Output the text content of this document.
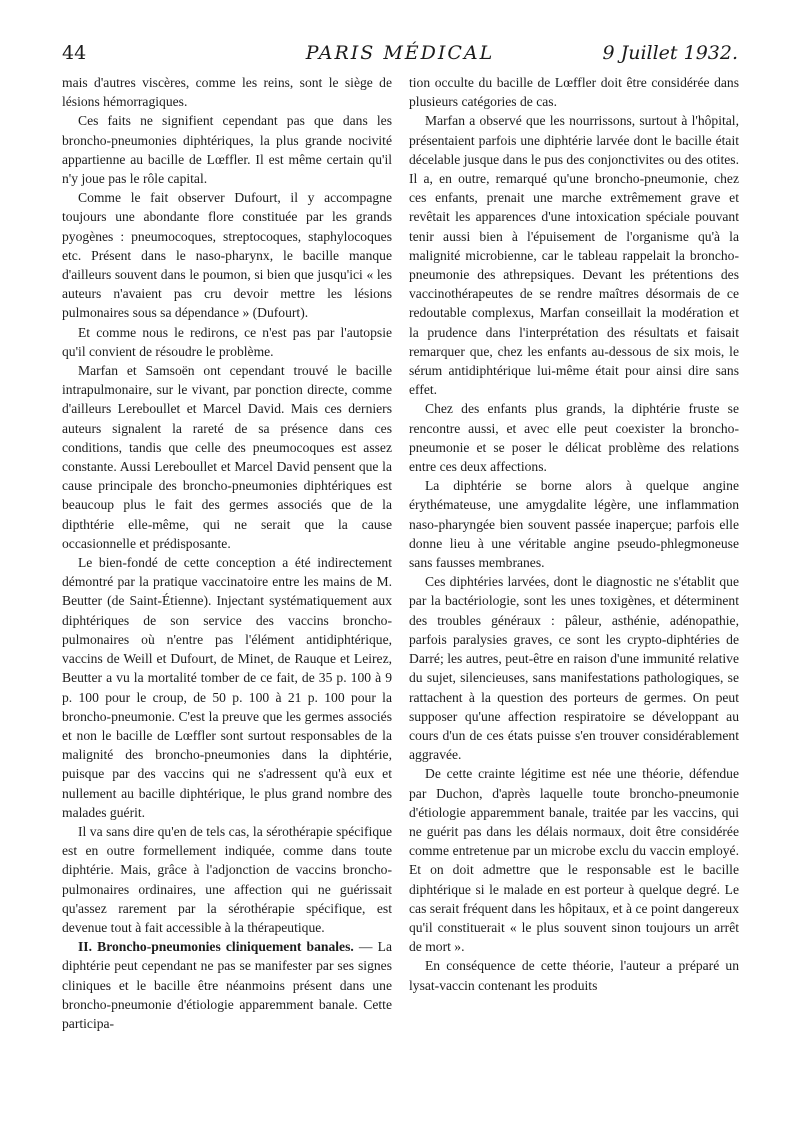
44	PARIS MÉDICAL	9 Juillet 1932.

mais d'autres viscères, comme les reins, sont le siège de lésions hémorragiques.

Ces faits ne signifient cependant pas que dans les broncho-pneumonies diphtériques, la plus grande nocivité appartienne au bacille de Lœffler. Il est même certain qu'il n'y joue pas le rôle capital.

Comme le fait observer Dufourt, il y accompagne toujours une abondante flore constituée par les grands pyogènes : pneumocoques, streptocoques, staphylocoques etc. Présent dans le naso-pharynx, le bacille manque d'ailleurs souvent dans le poumon, si bien que jusqu'ici « les auteurs n'avaient pas cru devoir mettre les lésions pulmonaires sous sa dépendance » (Dufourt).

Et comme nous le redirons, ce n'est pas par l'autopsie qu'il convient de résoudre le problème.

Marfan et Samsoën ont cependant trouvé le bacille intrapulmonaire, sur le vivant, par ponction directe, comme d'ailleurs Lereboullet et Marcel David. Mais ces derniers auteurs signalent la rareté de sa présence dans ces conditions, tandis que celle des pneumocoques est assez constante. Aussi Lereboullet et Marcel David pensent que la cause principale des broncho-pneumonies diphtériques est beaucoup plus le fait des germes associés que de la dipthtérie elle-même, qui ne serait que la cause occasionnelle et prédisposante.

Le bien-fondé de cette conception a été indirectement démontré par la pratique vaccinatoire entre les mains de M. Beutter (de Saint-Étienne). Injectant systématiquement aux diphtériques de son service des vaccins broncho-pulmonaires où n'entre pas l'élément antidiphtérique, vaccins de Weill et Dufourt, de Minet, de Rauque et Leirez, Beutter a vu la mortalité tomber de ce fait, de 35 p. 100 à 9 p. 100 pour le croup, de 50 p. 100 à 21 p. 100 pour la broncho-pneumonie. C'est la preuve que les germes associés et non le bacille de Lœffler sont surtout responsables de la malignité des broncho-pneumonies dans la diphtérie, puisque par des vaccins qui ne s'adressent qu'à eux et nullement au bacille diphtérique, le plus grand nombre des malades guérit.

Il va sans dire qu'en de tels cas, la sérothérapie spécifique est en outre formellement indiquée, comme dans toute diphtérie. Mais, grâce à l'adjonction de vaccins broncho-pulmonaires ordinaires, une affection qui ne guérissait qu'assez rarement par la sérothérapie spécifique, est devenue tout à fait accessible à la thérapeutique.

II. Broncho-pneumonies cliniquement banales. — La diphtérie peut cependant ne pas se manifester par ses signes cliniques et le bacille être néanmoins présent dans une broncho-pneumonie d'étiologie apparemment banale. Cette participa-

tion occulte du bacille de Lœffler doit être considérée dans plusieurs catégories de cas.

Marfan a observé que les nourrissons, surtout à l'hôpital, présentaient parfois une diphtérie larvée dont le bacille était décelable jusque dans le pus des conjonctivites ou des otites. Il a, en outre, remarqué qu'une broncho-pneumonie, chez ces enfants, prenait une marche extrêmement grave et revêtait les apparences d'une intoxication spéciale pouvant tenir aussi bien à l'épuisement de l'organisme qu'à la malignité microbienne, car le tableau rappelait la broncho-pneumonie des athrepsiques. Devant les prétentions des vaccinothérapeutes de se rendre maîtres désormais de ce redoutable complexus, Marfan conseillait la modération et la prudence dans l'interprétation des résultats et faisait remarquer que, chez les enfants au-dessous de six mois, le sérum antidiphtérique lui-même était pour ainsi dire sans effet.

Chez des enfants plus grands, la diphtérie fruste se rencontre aussi, et avec elle peut coexister la broncho-pneumonie et se poser le délicat problème des relations entre ces deux affections.

La diphtérie se borne alors à quelque angine érythémateuse, une amygdalite légère, une inflammation naso-pharyngée bien souvent passée inaperçue; parfois elle donne lieu à une véritable angine pseudo-phlegmoneuse sans fausses membranes.

Ces diphtéries larvées, dont le diagnostic ne s'établit que par la bactériologie, sont les unes toxigènes, et déterminent des troubles généraux : pâleur, asthénie, adénopathie, parfois paralysies graves, ce sont les crypto-diphtéries de Darré; les autres, peut-être en raison d'une immunité relative du sujet, silencieuses, sans manifestations pathologiques, se rattachent à la question des porteurs de germes. On peut supposer qu'une affection respiratoire se développant au cours d'un de ces états puisse s'en trouver considérablement aggravée.

De cette crainte légitime est née une théorie, défendue par Duchon, d'après laquelle toute broncho-pneumonie d'étiologie apparemment banale, traitée par les vaccins, qui ne guérit pas dans les délais normaux, doit être considérée comme entretenue par un microbe exclu du vaccin employé. Et on doit admettre que le responsable est le bacille diphtérique si le malade en est porteur à quelque degré. Le cas serait fréquent dans les hôpitaux, et à ce point dangereux qu'il constituerait « le plus souvent sinon toujours un arrêt de mort ».

En conséquence de cette théorie, l'auteur a préparé un lysat-vaccin contenant les produits
